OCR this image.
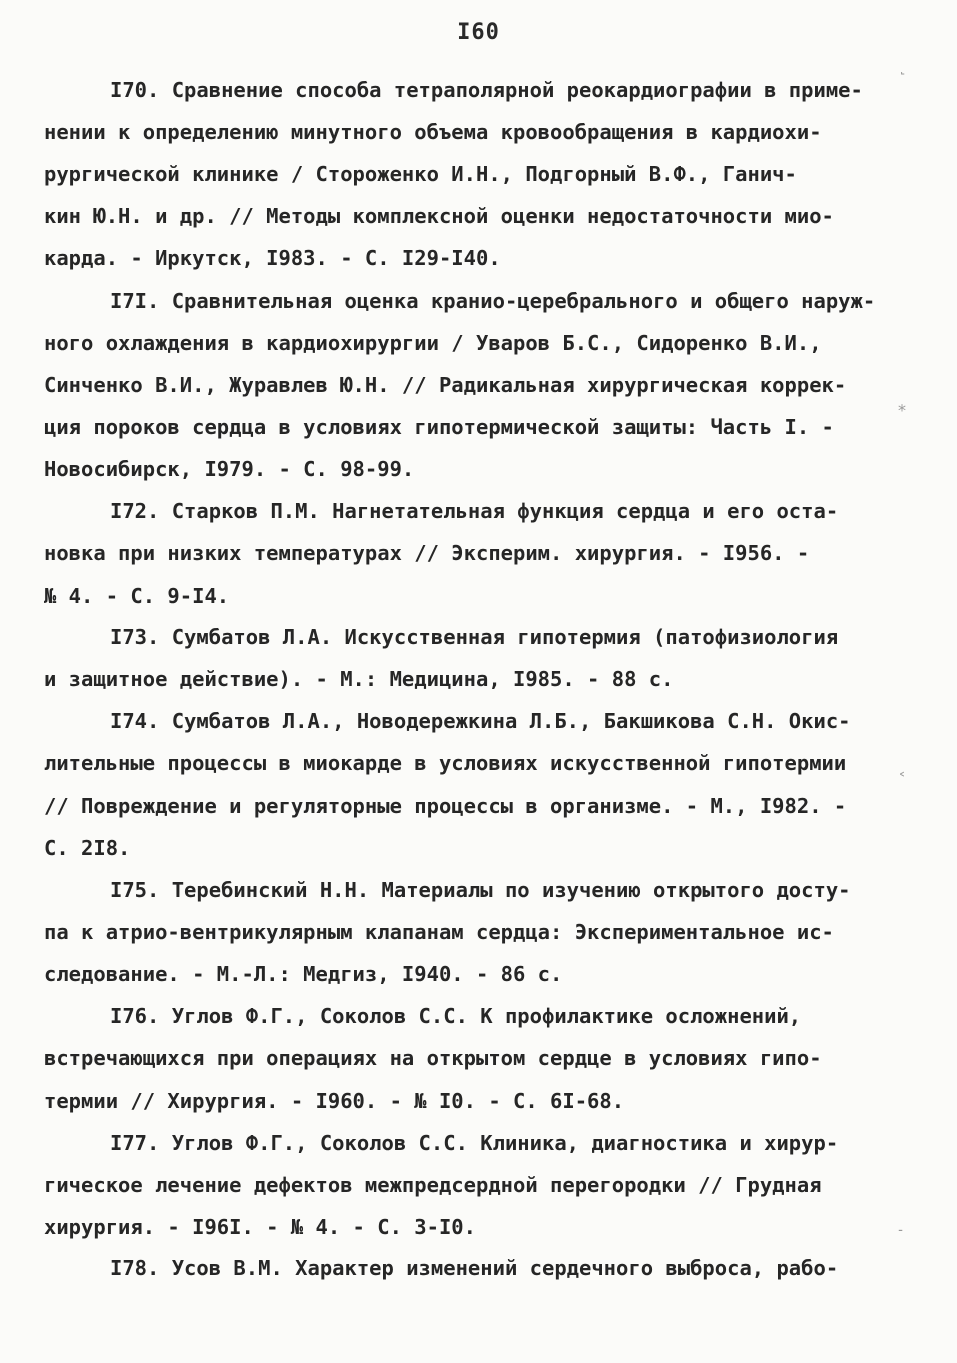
I60
I70. Сравнение способа тетраполярной реокардиографии в приме-
нении к определению минутного объема кровообращения в кардиохи-
рургической клинике / Стороженко И.Н., Подгорный В.Ф., Ганич-
кин Ю.Н. и др. // Методы комплексной оценки недостаточности мио-
карда. - Иркутск, I983. - С. I29-I40.
I7I. Сравнительная оценка кранио-церебрального и общего наруж-
ного охлаждения в кардиохирургии / Уваров Б.С., Сидоренко В.И.,
Синченко В.И., Журавлев Ю.Н. // Радикальная хирургическая коррек-
ция пороков сердца в условиях гипотермической защиты: Часть I. -
Новосибирск, I979. - С. 98-99.
I72. Старков П.М. Нагнетательная функция сердца и его оста-
новка при низких температурах // Эксперим. хирургия. - I956. -
№ 4. - С. 9-I4.
I73. Сумбатов Л.А. Искусственная гипотермия (патофизиология
и защитное действие). - М.: Медицина, I985. - 88 с.
I74. Сумбатов Л.А., Новодережкина Л.Б., Бакшикова С.Н. Окис-
лительные процессы в миокарде в условиях искусственной гипотермии
// Повреждение и регуляторные процессы в организме. - М., I982. -
С. 2I8.
I75. Теребинский Н.Н. Материалы по изучению открытого досту-
па к атрио-вентрикулярным клапанам сердца: Экспериментальное ис-
следование. - М.-Л.: Медгиз, I940. - 86 с.
I76. Углов Ф.Г., Соколов С.С. К профилактике осложнений,
встречающихся при операциях на открытом сердце в условиях гипо-
термии // Хирургия. - I960. - № I0. - С. 6I-68.
I77. Углов Ф.Г., Соколов С.С. Клиника, диагностика и хирур-
гическое лечение дефектов межпредсердной перегородки // Грудная
хирургия. - I96I. - № 4. - С. 3-I0.
I78. Усов В.М. Характер изменений сердечного выброса, рабо-
˻
⁎
˂
˗
